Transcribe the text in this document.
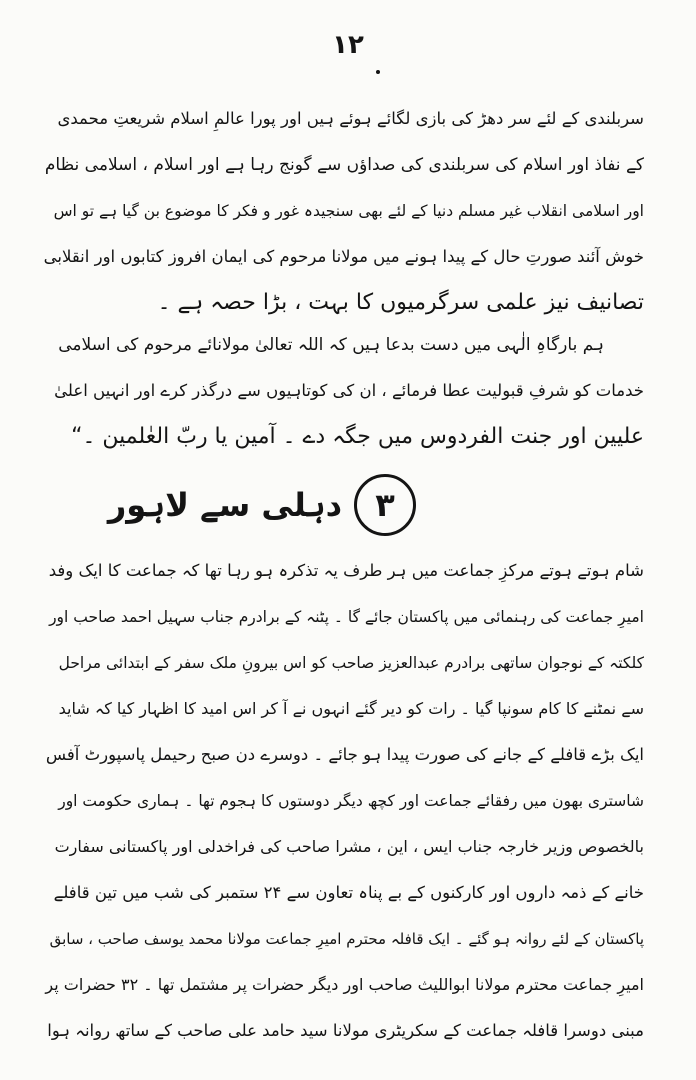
۱۲
سربلندی کے لئے سر دھڑ کی بازی لگائے ہوئے ہیں اور پورا عالمِ اسلام شریعتِ محمدی
کے نفاذ اور اسلام کی سربلندی کی صداؤں سے گونج رہا ہے اور اسلام ، اسلامی نظام
اور اسلامی انقلاب غیر مسلم دنیا کے لئے بھی سنجیدہ غور و فکر کا موضوع بن گیا ہے تو اس
خوش آئند صورتِ حال کے پیدا ہونے میں مولانا مرحوم کی ایمان افروز کتابوں اور انقلابی
تصانیف نیز علمی سرگرمیوں کا بہت ، بڑا حصہ ہے ۔
ہم بارگاہِ الٰہی میں دست بدعا ہیں کہ اللہ تعالیٰ مولانائے مرحوم کی اسلامی
خدمات کو شرفِ قبولیت عطا فرمائے ، ان کی کوتاہیوں سے درگذر کرے اور انہیں اعلیٰ
علیین اور جنت الفردوس میں جگہ دے ۔ آمین یا ربّ العٰلمین ۔“
۳
دہلی سے لاہور
شام ہوتے ہوتے مرکزِ جماعت میں ہر طرف یہ تذکرہ ہو رہا تھا کہ جماعت کا ایک وفد
امیرِ جماعت کی رہنمائی میں پاکستان جائے گا ۔ پٹنہ کے برادرم جناب سہیل احمد صاحب اور
کلکتہ کے نوجوان ساتھی برادرم عبدالعزیز صاحب کو اس بیرونِ ملک سفر کے ابتدائی مراحل
سے نمٹنے کا کام سونپا گیا ۔ رات کو دیر گئے انہوں نے آ کر اس امید کا اظہار کیا کہ شاید
ایک بڑے قافلے کے جانے کی صورت پیدا ہو جائے ۔ دوسرے دن صبح رحیمل پاسپورٹ آفس
شاستری بھون میں رفقائے جماعت اور کچھ دیگر دوستوں کا ہجوم تھا ۔ ہماری حکومت اور
بالخصوص وزیر خارجہ جناب ایس ، این ، مشرا صاحب کی فراخدلی اور پاکستانی سفارت
خانے کے ذمہ داروں اور کارکنوں کے بے پناہ تعاون سے ۲۴ ستمبر کی شب میں تین قافلے
پاکستان کے لئے روانہ ہو گئے ۔ ایک قافلہ محترم امیرِ جماعت مولانا محمد یوسف صاحب ، سابق
امیرِ جماعت محترم مولانا ابواللیث صاحب اور دیگر حضرات پر مشتمل تھا ۔ ۳۲ حضرات پر
مبنی دوسرا قافلہ جماعت کے سکریٹری مولانا سید حامد علی صاحب کے ساتھ روانہ ہوا
